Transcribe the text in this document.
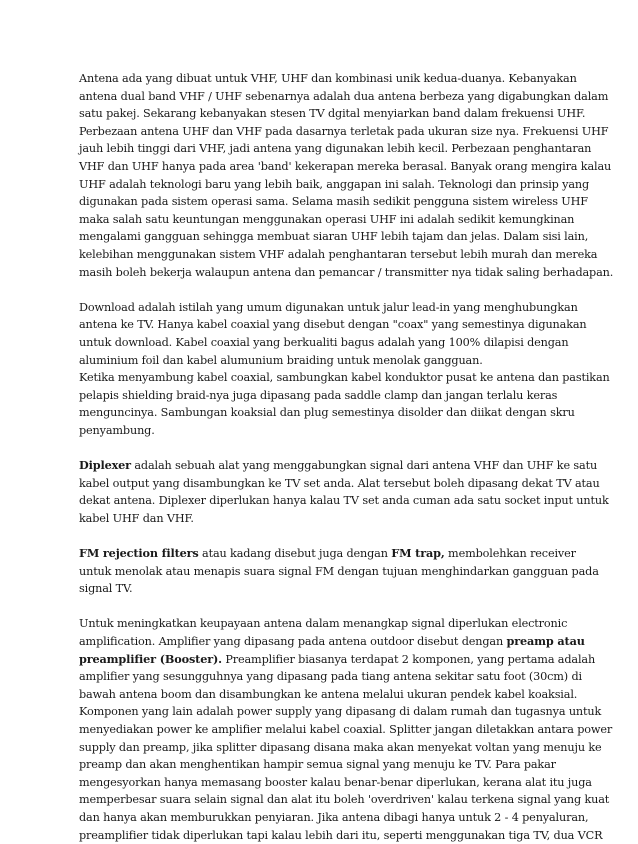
Antena ada yang dibuat untuk VHF, UHF dan kombinasi unik kedua-duanya. Kebanyakan
antena dual band VHF / UHF sebenarnya adalah dua antena berbeza yang digabungkan dalam
satu pakej. Sekarang kebanyakan stesen TV dgital menyiarkan band dalam frekuensi UHF.
Perbezaan antena UHF dan VHF pada dasarnya terletak pada ukuran size nya. Frekuensi UHF
jauh lebih tinggi dari VHF, jadi antena yang digunakan lebih kecil. Perbezaan penghantaran
VHF dan UHF hanya pada area 'band' kekerapan mereka berasal. Banyak orang mengira kalau
UHF adalah teknologi baru yang lebih baik, anggapan ini salah. Teknologi dan prinsip yang
digunakan pada sistem operasi sama. Selama masih sedikit pengguna sistem wireless UHF
maka salah satu keuntungan menggunakan operasi UHF ini adalah sedikit kemungkinan
mengalami gangguan sehingga membuat siaran UHF lebih tajam dan jelas. Dalam sisi lain,
kelebihan menggunakan sistem VHF adalah penghantaran tersebut lebih murah dan mereka
masih boleh bekerja walaupun antena dan pemancar / transmitter nya tidak saling berhadapan.
Download adalah istilah yang umum digunakan untuk jalur lead-in yang menghubungkan
antena ke TV. Hanya kabel coaxial yang disebut dengan "coax" yang semestinya digunakan
untuk download. Kabel coaxial yang berkualiti bagus adalah yang 100% dilapisi dengan
aluminium foil dan kabel alumunium braiding untuk menolak gangguan.
Ketika menyambung kabel coaxial, sambungkan kabel konduktor pusat ke antena dan pastikan
pelapis shielding braid-nya juga dipasang pada saddle clamp dan jangan terlalu keras
menguncinya. Sambungan koaksial dan plug semestinya disolder dan diikat dengan skru
penyambung.
Diplexer adalah sebuah alat yang menggabungkan signal dari antena VHF dan UHF ke satu
kabel output yang disambungkan ke TV set anda. Alat tersebut boleh dipasang dekat TV atau
dekat antena. Diplexer diperlukan hanya kalau TV set anda cuman ada satu socket input untuk
kabel UHF dan VHF.
FM rejection filters atau kadang disebut juga dengan FM trap, membolehkan receiver
untuk menolak atau menapis suara signal FM dengan tujuan menghindarkan gangguan pada
signal TV.
Untuk meningkatkan keupayaan antena dalam menangkap signal diperlukan electronic
amplification. Amplifier yang dipasang pada antena outdoor disebut dengan preamp atau
preamplifier (Booster). Preamplifier biasanya terdapat 2 komponen, yang pertama adalah
amplifier yang sesungguhnya yang dipasang pada tiang antena sekitar satu foot (30cm) di
bawah antena boom dan disambungkan ke antena melalui ukuran pendek kabel koaksial.
Komponen yang lain adalah power supply yang dipasang di dalam rumah dan tugasnya untuk
menyediakan power ke amplifier melalui kabel coaxial. Splitter jangan diletakkan antara power
supply dan preamp, jika splitter dipasang disana maka akan menyekat voltan yang menuju ke
preamp dan akan menghentikan hampir semua signal yang menuju ke TV. Para pakar
mengesyorkan hanya memasang booster kalau benar-benar diperlukan, kerana alat itu juga
memperbesar suara selain signal dan alat itu boleh 'overdriven' kalau terkena signal yang kuat
dan hanya akan memburukkan penyiaran. Jika antena dibagi hanya untuk 2 - 4 penyaluran,
preamplifier tidak diperlukan tapi kalau lebih dari itu, seperti menggunakan tiga TV, dua VCR
